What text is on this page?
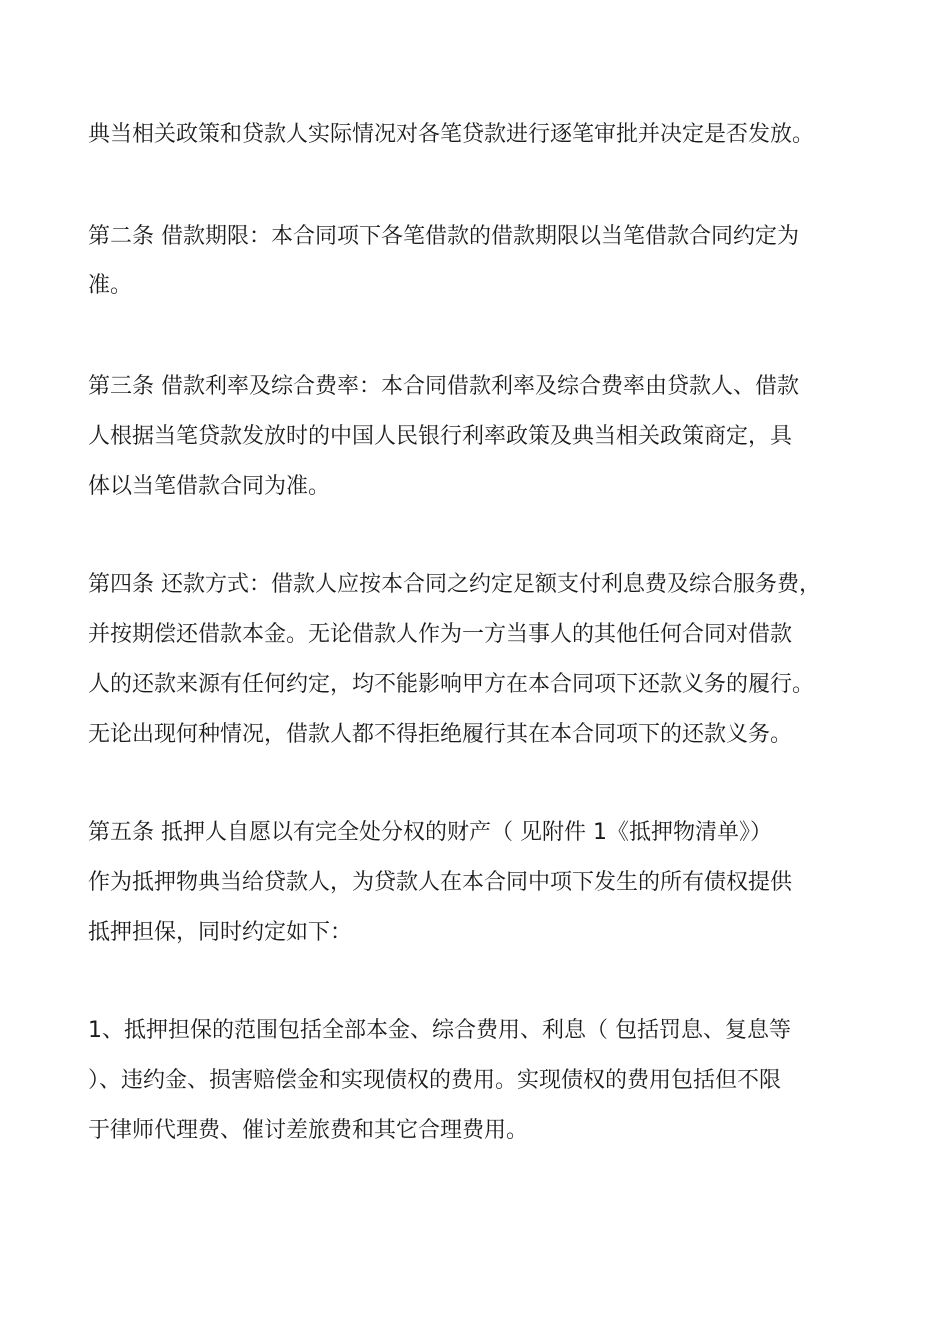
典当相关政策和贷款人实际情况对各笔贷款进行逐笔审批并决定是否发放。

第二条 借款期限：本合同项下各笔借款的借款期限以当笔借款合同约定为

准。

第三条 借款利率及综合费率：本合同借款利率及综合费率由贷款人、借款

人根据当笔贷款发放时的中国人民银行利率政策及典当相关政策商定，具

体以当笔借款合同为准。

第四条 还款方式：借款人应按本合同之约定足额支付利息费及综合服务费，

并按期偿还借款本金。无论借款人作为一方当事人的其他任何合同对借款

人的还款来源有任何约定，均不能影响甲方在本合同项下还款义务的履行。

无论出现何种情况，借款人都不得拒绝履行其在本合同项下的还款义务。

第五条 抵押人自愿以有完全处分权的财产（ 见附件 1《抵押物清单》）

作为抵押物典当给贷款人，为贷款人在本合同中项下发生的所有债权提供

抵押担保，同时约定如下：

1、抵押担保的范围包括全部本金、综合费用、利息（ 包括罚息、复息等

）、违约金、损害赔偿金和实现债权的费用。实现债权的费用包括但不限

于律师代理费、催讨差旅费和其它合理费用。
